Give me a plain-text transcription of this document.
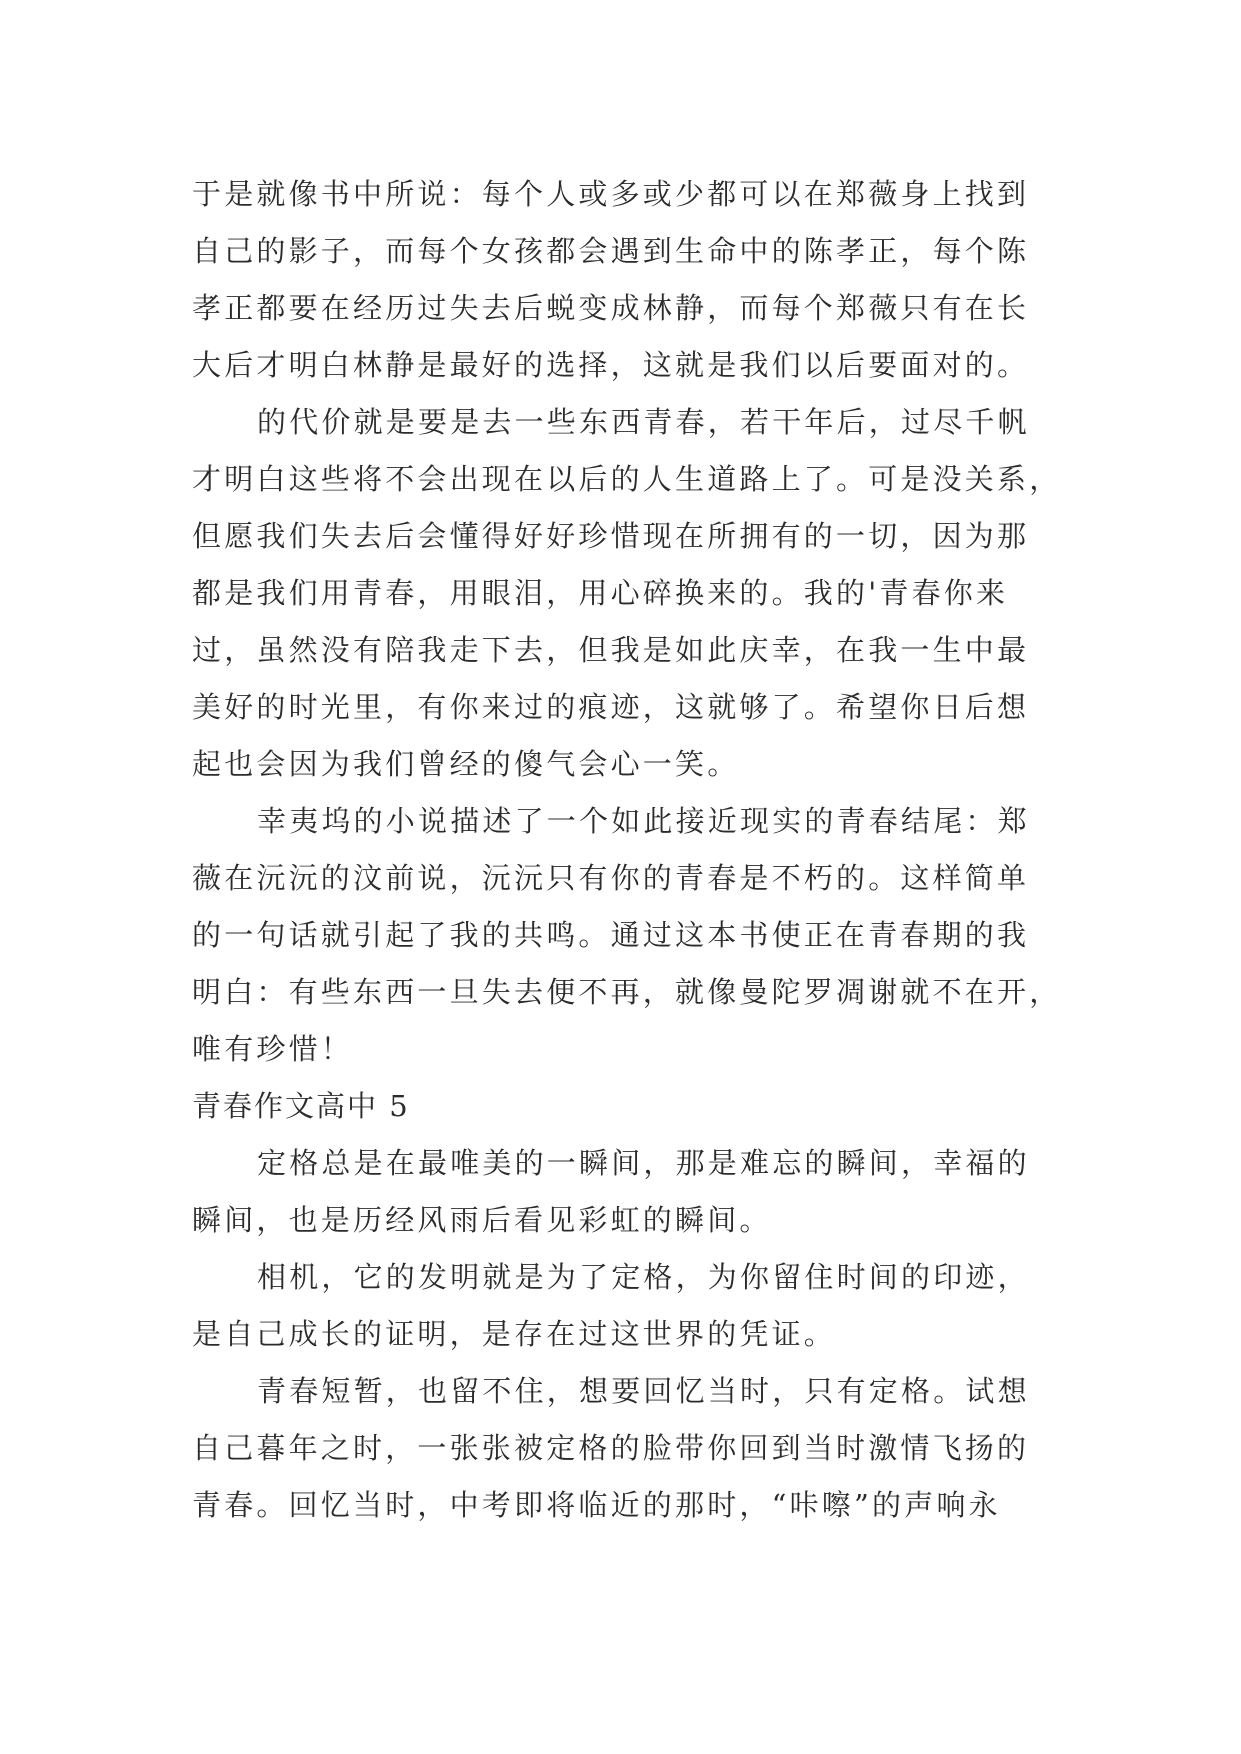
于是就像书中所说：每个人或多或少都可以在郑薇身上找到

自己的影子，而每个女孩都会遇到生命中的陈孝正，每个陈

孝正都要在经历过失去后蜕变成林静，而每个郑薇只有在长

大后才明白林静是最好的选择，这就是我们以后要面对的。

的代价就是要是去一些东西青春，若干年后，过尽千帆

才明白这些将不会出现在以后的人生道路上了。可是没关系，

但愿我们失去后会懂得好好珍惜现在所拥有的一切，因为那

都是我们用青春，用眼泪，用心碎换来的。我的'青春你来

过，虽然没有陪我走下去，但我是如此庆幸，在我一生中最

美好的时光里，有你来过的痕迹，这就够了。希望你日后想

起也会因为我们曾经的傻气会心一笑。

幸夷坞的小说描述了一个如此接近现实的青春结尾：郑

薇在沅沅的汶前说，沅沅只有你的青春是不朽的。这样简单

的一句话就引起了我的共鸣。通过这本书使正在青春期的我

明白：有些东西一旦失去便不再，就像曼陀罗凋谢就不在开，

唯有珍惜！

青春作文高中 5

定格总是在最唯美的一瞬间，那是难忘的瞬间，幸福的

瞬间，也是历经风雨后看见彩虹的瞬间。

相机，它的发明就是为了定格，为你留住时间的印迹，

是自己成长的证明，是存在过这世界的凭证。

青春短暂，也留不住，想要回忆当时，只有定格。试想

自己暮年之时，一张张被定格的脸带你回到当时激情飞扬的

青春。回忆当时，中考即将临近的那时，“咔嚓”的声响永
